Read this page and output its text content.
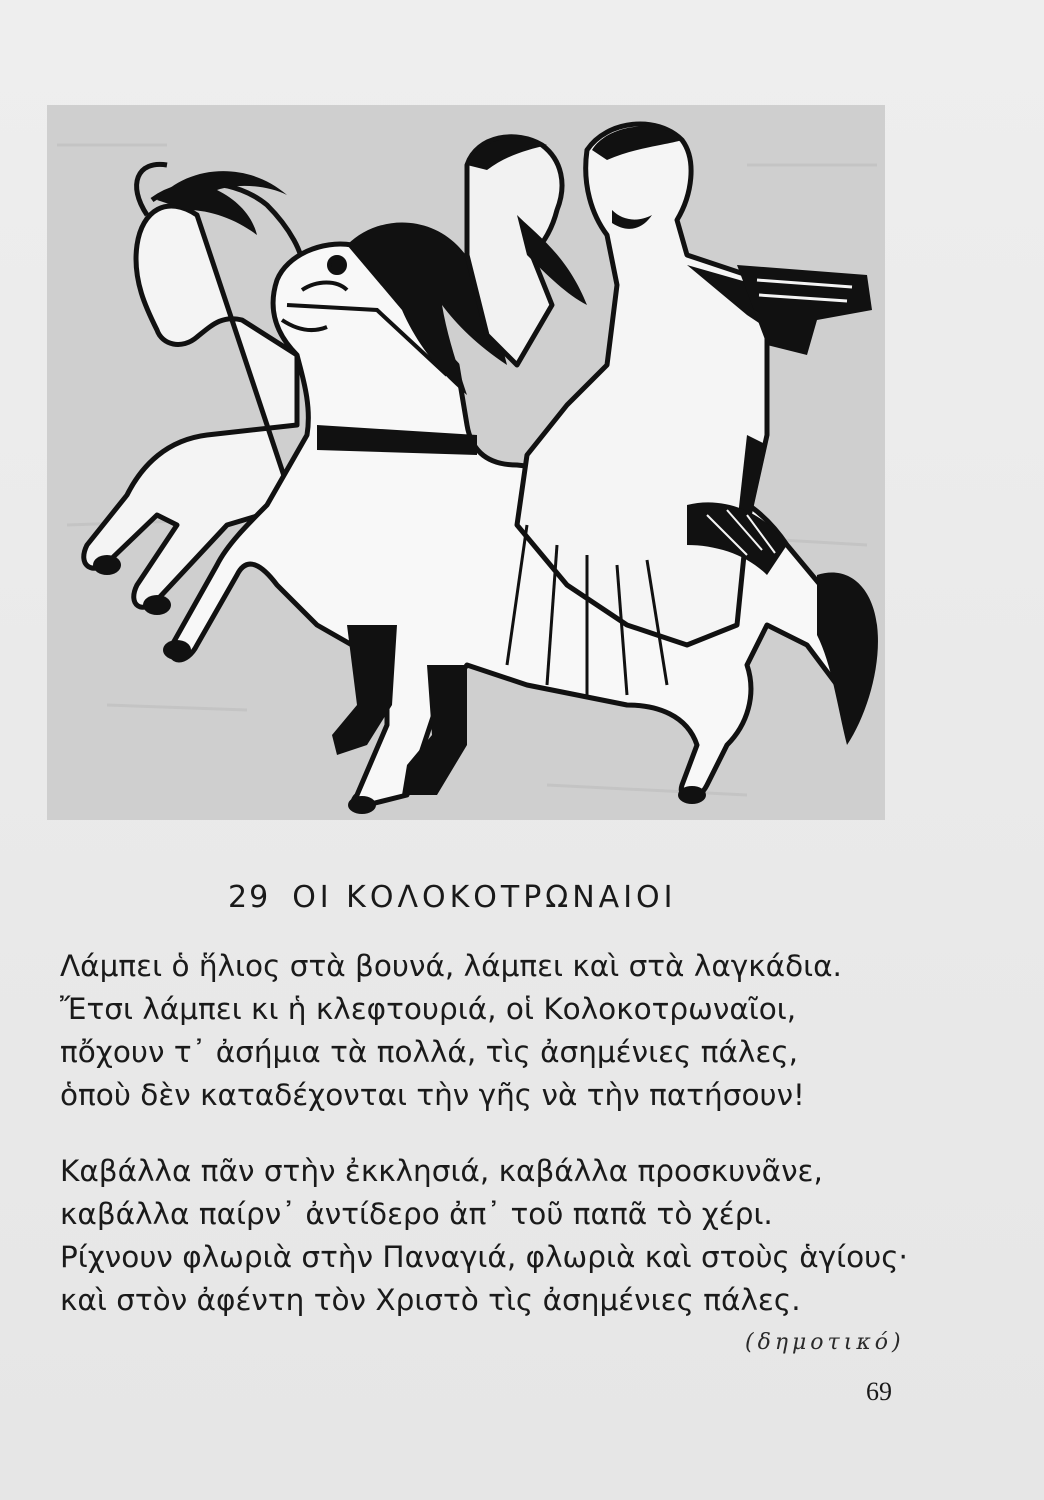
29 ΟΙ ΚΟΛΟΚΟΤΡΩΝΑΙΟΙ
Λάμπει ὁ ἥλιος στὰ βουνά, λάμπει καὶ στὰ λαγκάδια.
Ἔτσι λάμπει κι ἡ κλεφτουριά, οἱ Κολοκοτρωναῖοι,
πὄχουν τ᾽ ἀσήμια τὰ πολλά, τὶς ἀσημένιες πάλες,
ὁπoὺ δὲν καταδέχονται τὴν γῆς νὰ τὴν πατήσουν!
Καβάλλα πᾶν στὴν ἐκκλησιά, καβάλλα προσκυνᾶνε,
καβάλλα παίρν᾽ ἀντίδερο ἀπ᾽ τοῦ παπᾶ τὸ χέρι.
Ρίχνουν φλωριὰ στὴν Παναγιά, φλωριὰ καὶ στοὺς ἁγίους·
καὶ στὸν ἀφέντη τὸν Χριστὸ τὶς ἀσημένιες πάλες.
(δημοτικό)
69
